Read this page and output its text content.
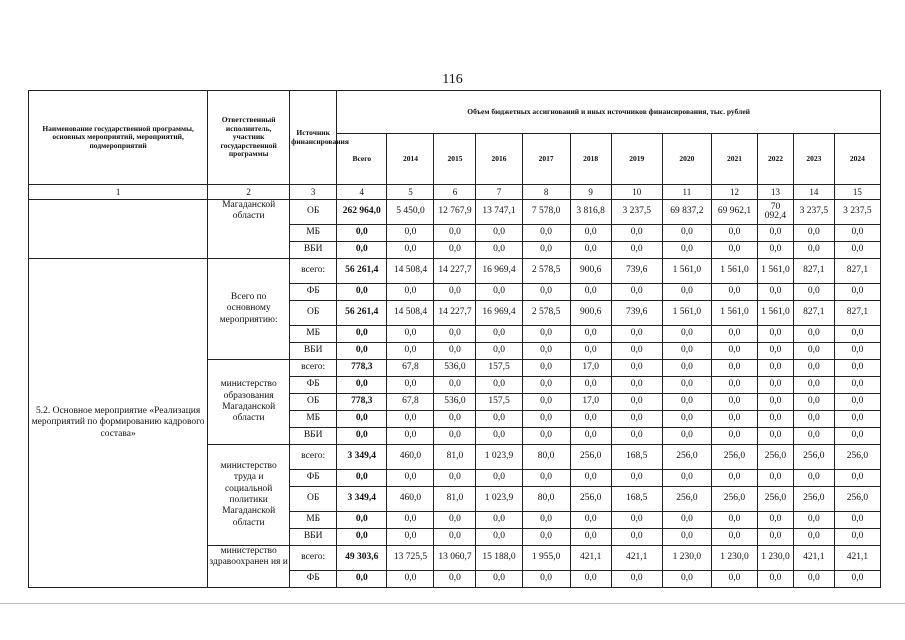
116
Наименование государственной программы, основных мероприятий, мероприятий, подмероприятий	Ответственный исполнитель, участник государственной программы	Источник финансирования	Объем бюджетных ассигнований и иных источников финансирования, тыс. рублей											
			Всего	2014	2015	2016	2017	2018	2019	2020	2021	2022	2023	2024
1	2	3	4	5	6	7	8	9	10	11	12	13	14	15
	Магаданской области	ОБ	262 964,0	5 450,0	12 767,9	13 747,1	7 578,0	3 816,8	3 237,5	69 837,2	69 962,1	70 092,4	3 237,5	3 237,5
		МБ	0,0	0,0	0,0	0,0	0,0	0,0	0,0	0,0	0,0	0,0	0,0	0,0
		ВБИ	0,0	0,0	0,0	0,0	0,0	0,0	0,0	0,0	0,0	0,0	0,0	0,0
5.2. Основное мероприятие «Реализация мероприятий по формированию кадрового состава»	Всего по основному мероприятию:	всего:	56 261,4	14 508,4	14 227,7	16 969,4	2 578,5	900,6	739,6	1 561,0	1 561,0	1 561,0	827,1	827,1
		ФБ	0,0	0,0	0,0	0,0	0,0	0,0	0,0	0,0	0,0	0,0	0,0	0,0
		ОБ	56 261,4	14 508,4	14 227,7	16 969,4	2 578,5	900,6	739,6	1 561,0	1 561,0	1 561,0	827,1	827,1
		МБ	0,0	0,0	0,0	0,0	0,0	0,0	0,0	0,0	0,0	0,0	0,0	0,0
		ВБИ	0,0	0,0	0,0	0,0	0,0	0,0	0,0	0,0	0,0	0,0	0,0	0,0
	министерство образования Магаданской области	всего:	778,3	67,8	536,0	157,5	0,0	17,0	0,0	0,0	0,0	0,0	0,0	0,0
		ФБ	0,0	0,0	0,0	0,0	0,0	0,0	0,0	0,0	0,0	0,0	0,0	0,0
		ОБ	778,3	67,8	536,0	157,5	0,0	17,0	0,0	0,0	0,0	0,0	0,0	0,0
		МБ	0,0	0,0	0,0	0,0	0,0	0,0	0,0	0,0	0,0	0,0	0,0	0,0
		ВБИ	0,0	0,0	0,0	0,0	0,0	0,0	0,0	0,0	0,0	0,0	0,0	0,0
	министерство труда и социальной политики Магаданской области	всего:	3 349,4	460,0	81,0	1 023,9	80,0	256,0	168,5	256,0	256,0	256,0	256,0	256,0
		ФБ	0,0	0,0	0,0	0,0	0,0	0,0	0,0	0,0	0,0	0,0	0,0	0,0
		ОБ	3 349,4	460,0	81,0	1 023,9	80,0	256,0	168,5	256,0	256,0	256,0	256,0	256,0
		МБ	0,0	0,0	0,0	0,0	0,0	0,0	0,0	0,0	0,0	0,0	0,0	0,0
		ВБИ	0,0	0,0	0,0	0,0	0,0	0,0	0,0	0,0	0,0	0,0	0,0	0,0
	министерство здравоохранен ия и	всего:	49 303,6	13 725,5	13 060,7	15 188,0	1 955,0	421,1	421,1	1 230,0	1 230,0	1 230,0	421,1	421,1
		ФБ	0,0	0,0	0,0	0,0	0,0	0,0	0,0	0,0	0,0	0,0	0,0	0,0
